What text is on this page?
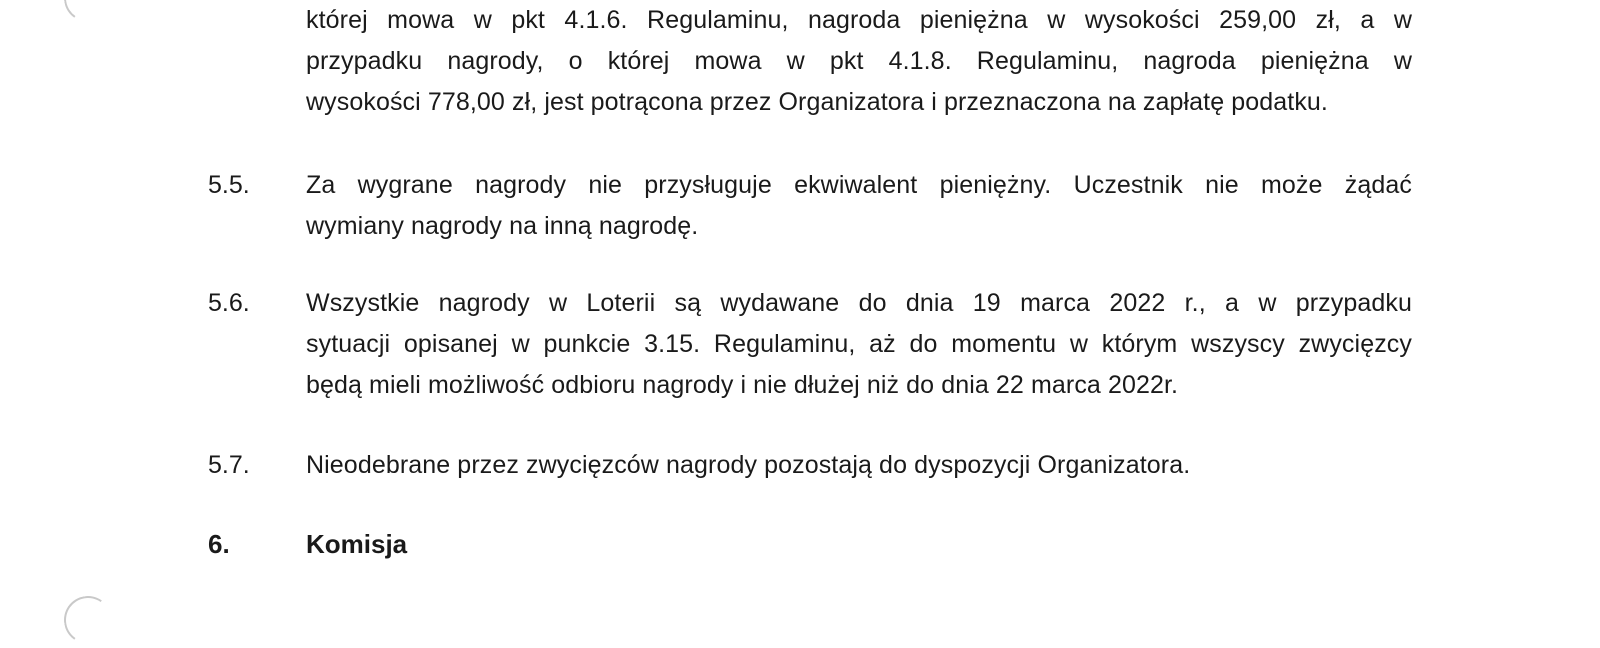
której mowa w pkt 4.1.6. Regulaminu, nagroda pieniężna w wysokości 259,00 zł, a w
przypadku nagrody, o której mowa w pkt 4.1.8. Regulaminu, nagroda pieniężna w
wysokości 778,00 zł, jest potrącona przez Organizatora i przeznaczona na zapłatę podatku.
5.5. Za wygrane nagrody nie przysługuje ekwiwalent pieniężny. Uczestnik nie może żądać
wymiany nagrody na inną nagrodę.
5.6. Wszystkie nagrody w Loterii są wydawane do dnia 19 marca 2022 r., a w przypadku
sytuacji opisanej w punkcie 3.15. Regulaminu, aż do momentu w którym wszyscy zwycięzcy
będą mieli możliwość odbioru nagrody i nie dłużej niż do dnia 22 marca 2022r.
5.7. Nieodebrane przez zwycięzców nagrody pozostają do dyspozycji Organizatora.
6.	Komisja
